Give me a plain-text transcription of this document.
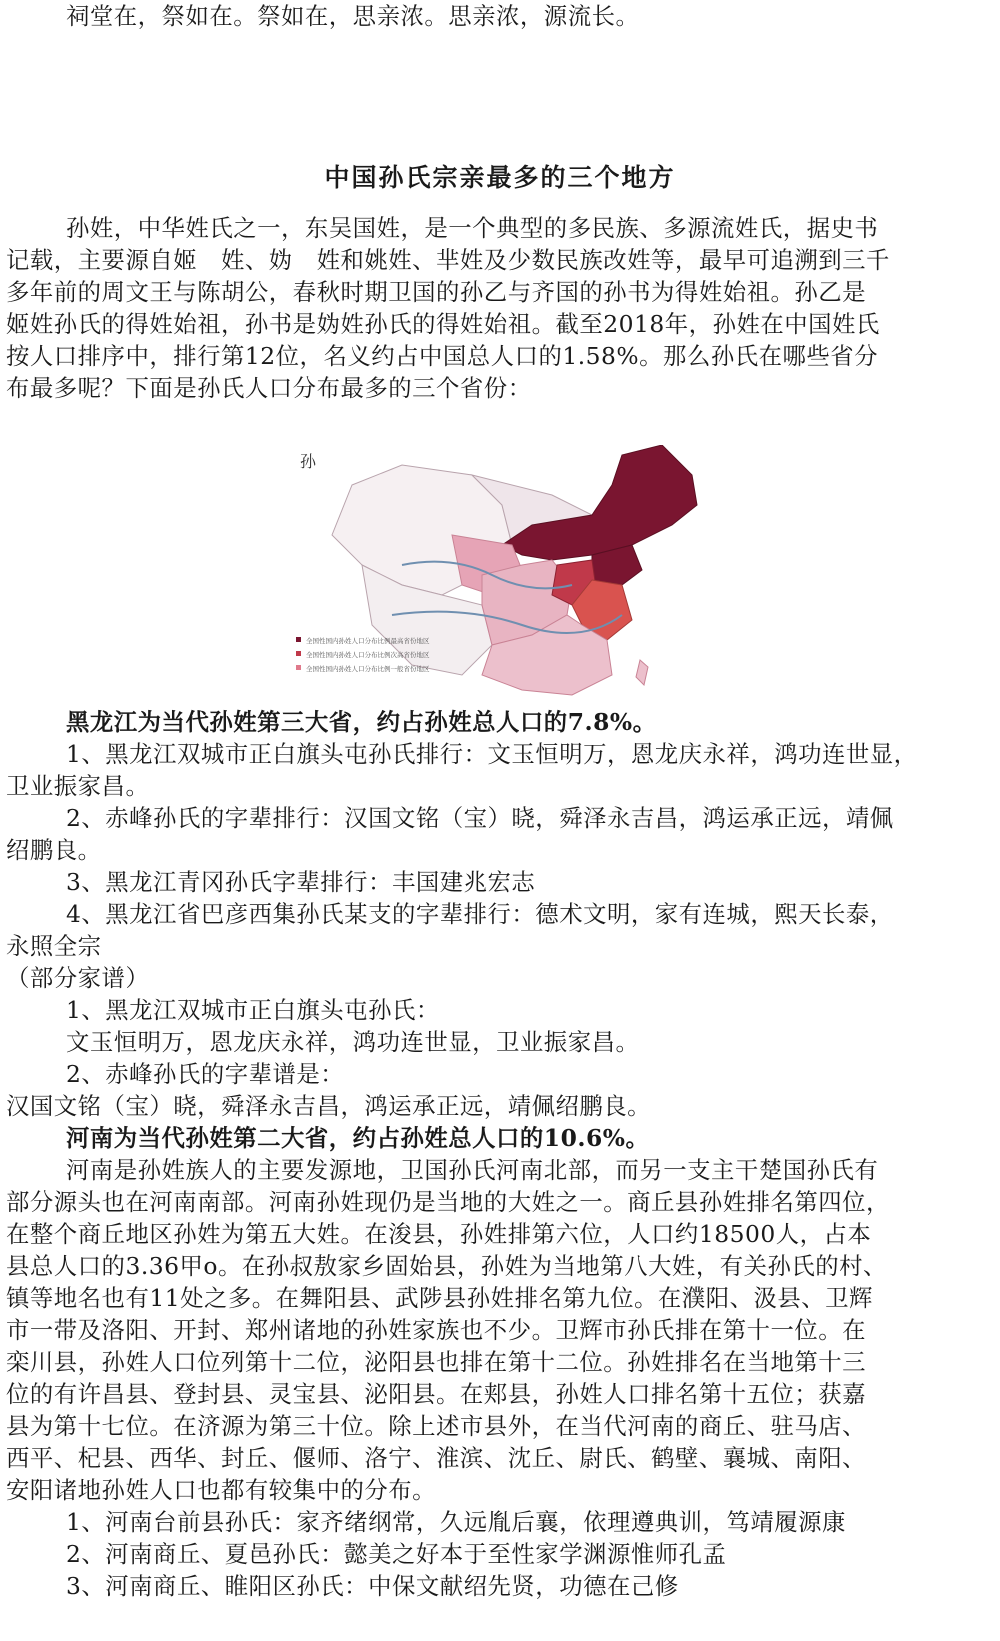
祠堂在，祭如在。祭如在，思亲浓。思亲浓，源流长。
中国孙氏宗亲最多的三个地方
孙姓，中华姓氏之一，东吴国姓，是一个典型的多民族、多源流姓氏，据史书
记载，主要源自姬　姓、妫　姓和姚姓、芈姓及少数民族改姓等，最早可追溯到三千
多年前的周文王与陈胡公，春秋时期卫国的孙乙与齐国的孙书为得姓始祖。孙乙是
姬姓孙氏的得姓始祖，孙书是妫姓孙氏的得姓始祖。截至2018年，孙姓在中国姓氏
按人口排序中，排行第12位，名义约占中国总人口的1.58%。那么孙氏在哪些省分
布最多呢？下面是孙氏人口分布最多的三个省份：
孙
全国性国内孙姓人口分布比例最高省份地区
全国性国内孙姓人口分布比例次高省份地区
全国性国内孙姓人口分布比例一般省份地区
黑龙江为当代孙姓第三大省，约占孙姓总人口的7.8%。
1、黑龙江双城市正白旗头屯孙氏排行：文玉恒明万，恩龙庆永祥，鸿功连世显，
卫业振家昌。
2、赤峰孙氏的字辈排行：汉国文铭（宝）晓，舜泽永吉昌，鸿运承正远，靖佩
绍鹏良。
3、黑龙江青冈孙氏字辈排行：丰国建兆宏志
4、黑龙江省巴彦西集孙氏某支的字辈排行：德术文明，家有连城，熙天长泰，
永照全宗
（部分家谱）
1、黑龙江双城市正白旗头屯孙氏：
文玉恒明万，恩龙庆永祥，鸿功连世显，卫业振家昌。
2、赤峰孙氏的字辈谱是：
汉国文铭（宝）晓，舜泽永吉昌，鸿运承正远，靖佩绍鹏良。
河南为当代孙姓第二大省，约占孙姓总人口的10.6%。
河南是孙姓族人的主要发源地，卫国孙氏河南北部，而另一支主干楚国孙氏有
部分源头也在河南南部。河南孙姓现仍是当地的大姓之一。商丘县孙姓排名第四位，
在整个商丘地区孙姓为第五大姓。在浚县，孙姓排第六位，人口约18500人，占本
县总人口的3.36甲o。在孙叔敖家乡固始县，孙姓为当地第八大姓，有关孙氏的村、
镇等地名也有11处之多。在舞阳县、武陟县孙姓排名第九位。在濮阳、汲县、卫辉
市一带及洛阳、开封、郑州诸地的孙姓家族也不少。卫辉市孙氏排在第十一位。在
栾川县，孙姓人口位列第十二位，泌阳县也排在第十二位。孙姓排名在当地第十三
位的有许昌县、登封县、灵宝县、泌阳县。在郏县，孙姓人口排名第十五位；获嘉
县为第十七位。在济源为第三十位。除上述市县外，在当代河南的商丘、驻马店、
西平、杞县、西华、封丘、偃师、洛宁、淮滨、沈丘、尉氏、鹤壁、襄城、南阳、
安阳诸地孙姓人口也都有较集中的分布。
1、河南台前县孙氏：家齐绪纲常，久远胤后襄，依理遵典训，笃靖履源康
2、河南商丘、夏邑孙氏：懿美之好本于至性家学渊源惟师孔孟
3、河南商丘、睢阳区孙氏：中保文献绍先贤，功德在己修
